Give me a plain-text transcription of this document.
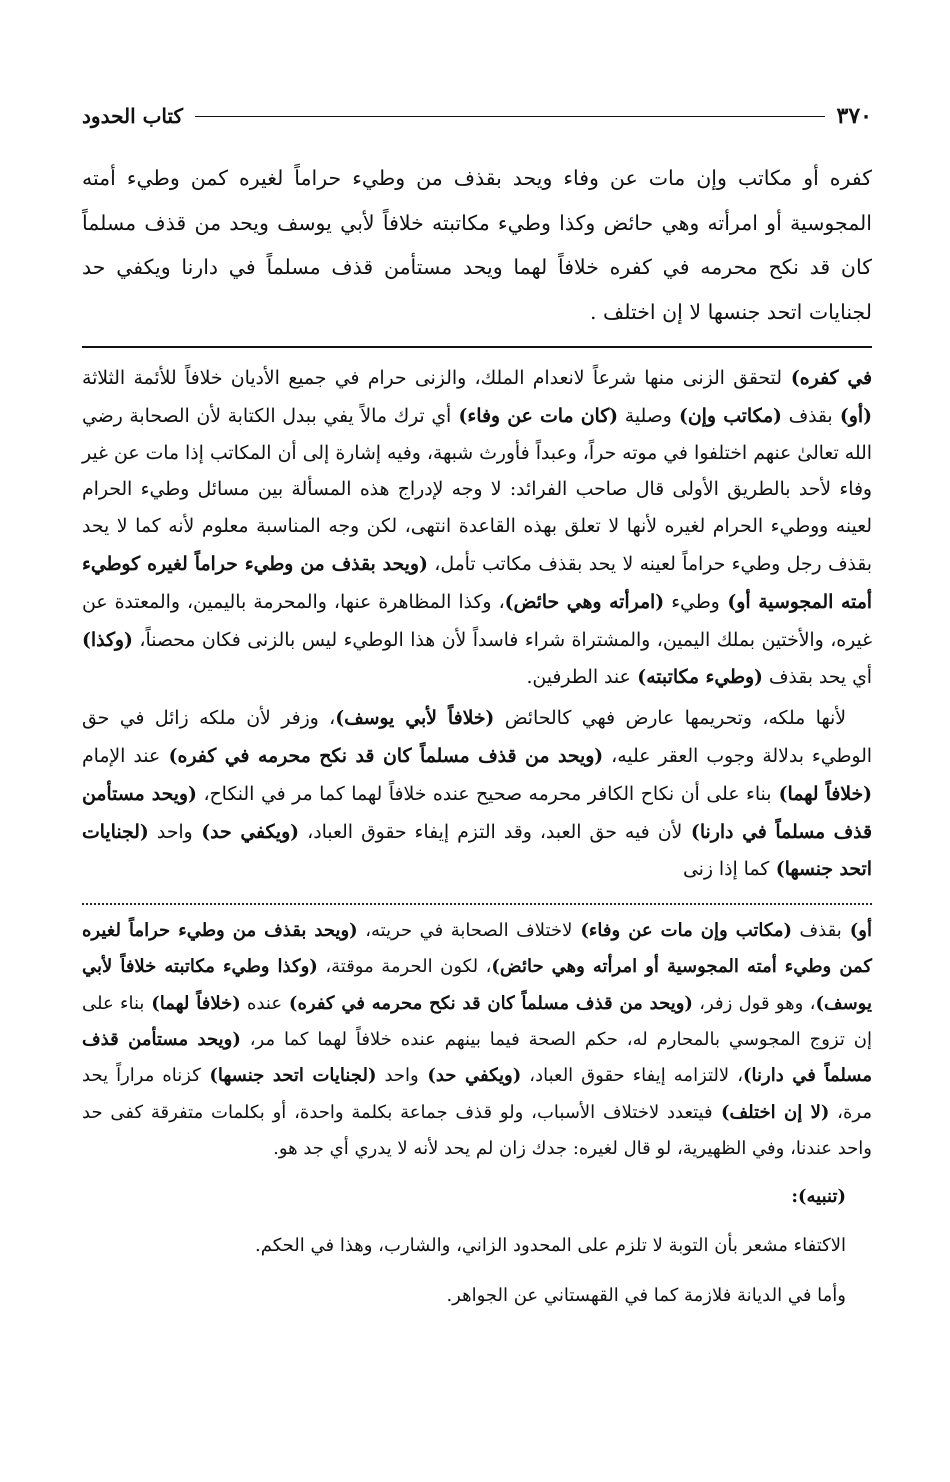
٣٧٠
كتاب الحدود

كفره أو مكاتب وإن مات عن وفاء ويحد بقذف من وطيء حراماً لغيره كمن وطيء أمته المجوسية أو امرأته وهي حائض وكذا وطيء مكاتبته خلافاً لأبي يوسف ويحد من قذف مسلماً كان قد نكح محرمه في كفره خلافاً لهما ويحد مستأمن قذف مسلماً في دارنا ويكفي حد لجنايات اتحد جنسها لا إن اختلف .

في كفره) لتحقق الزنى منها شرعاً لانعدام الملك، والزنى حرام في جميع الأديان خلافاً للأئمة الثلاثة (أو) بقذف (مكاتب وإن) وصلية (كان مات عن وفاء) أي ترك مالاً يفي ببدل الكتابة لأن الصحابة رضي الله تعالىٰ عنهم اختلفوا في موته حراً، وعبداً فأورث شبهة، وفيه إشارة إلى أن المكاتب إذا مات عن غير وفاء لأحد بالطريق الأولى قال صاحب الفرائد: لا وجه لإدراج هذه المسألة بين مسائل وطيء الحرام لعينه ووطيء الحرام لغيره لأنها لا تعلق بهذه القاعدة انتهى، لكن وجه المناسبة معلوم لأنه كما لا يحد بقذف رجل وطيء حراماً لعينه لا يحد بقذف مكاتب تأمل، (ويحد بقذف من وطيء حراماً لغيره كوطيء أمته المجوسية أو) وطيء (امرأته وهي حائض)، وكذا المظاهرة عنها، والمحرمة باليمين، والمعتدة عن غيره، والأختين بملك اليمين، والمشتراة شراء فاسداً لأن هذا الوطيء ليس بالزنى فكان محصناً، (وكذا) أي يحد بقذف (وطيء مكاتبته) عند الطرفين.

لأنها ملكه، وتحريمها عارض فهي كالحائض (خلافاً لأبي يوسف)، وزفر لأن ملكه زائل في حق الوطيء بدلالة وجوب العقر عليه، (ويحد من قذف مسلماً كان قد نكح محرمه في كفره) عند الإمام (خلافاً لهما) بناء على أن نكاح الكافر محرمه صحيح عنده خلافاً لهما كما مر في النكاح، (ويحد مستأمن قذف مسلماً في دارنا) لأن فيه حق العبد، وقد التزم إيفاء حقوق العباد، (ويكفي حد) واحد (لجنايات اتحد جنسها) كما إذا زنى

أو) بقذف (مكاتب وإن مات عن وفاء) لاختلاف الصحابة في حريته، (ويحد بقذف من وطيء حراماً لغيره كمن وطيء أمته المجوسية أو امرأته وهي حائض)، لكون الحرمة موقتة، (وكذا وطيء مكاتبته خلافاً لأبي يوسف)، وهو قول زفر، (ويحد من قذف مسلماً كان قد نكح محرمه في كفره) عنده (خلافاً لهما) بناء على إن تزوج المجوسي بالمحارم له، حكم الصحة فيما بينهم عنده خلافاً لهما كما مر، (ويحد مستأمن قذف مسلماً في دارنا)، لالتزامه إيفاء حقوق العباد، (ويكفي حد) واحد (لجنايات اتحد جنسها) كزناه مراراً يحد مرة، (لا إن اختلف) فيتعدد لاختلاف الأسباب، ولو قذف جماعة بكلمة واحدة، أو بكلمات متفرقة كفى حد واحد عندنا، وفي الظهيرية، لو قال لغيره: جدك زان لم يحد لأنه لا يدري أي جد هو.

(تنبيه):

الاكتفاء مشعر بأن التوبة لا تلزم على المحدود الزاني، والشارب، وهذا في الحكم.

وأما في الديانة فلازمة كما في القهستاني عن الجواهر.
